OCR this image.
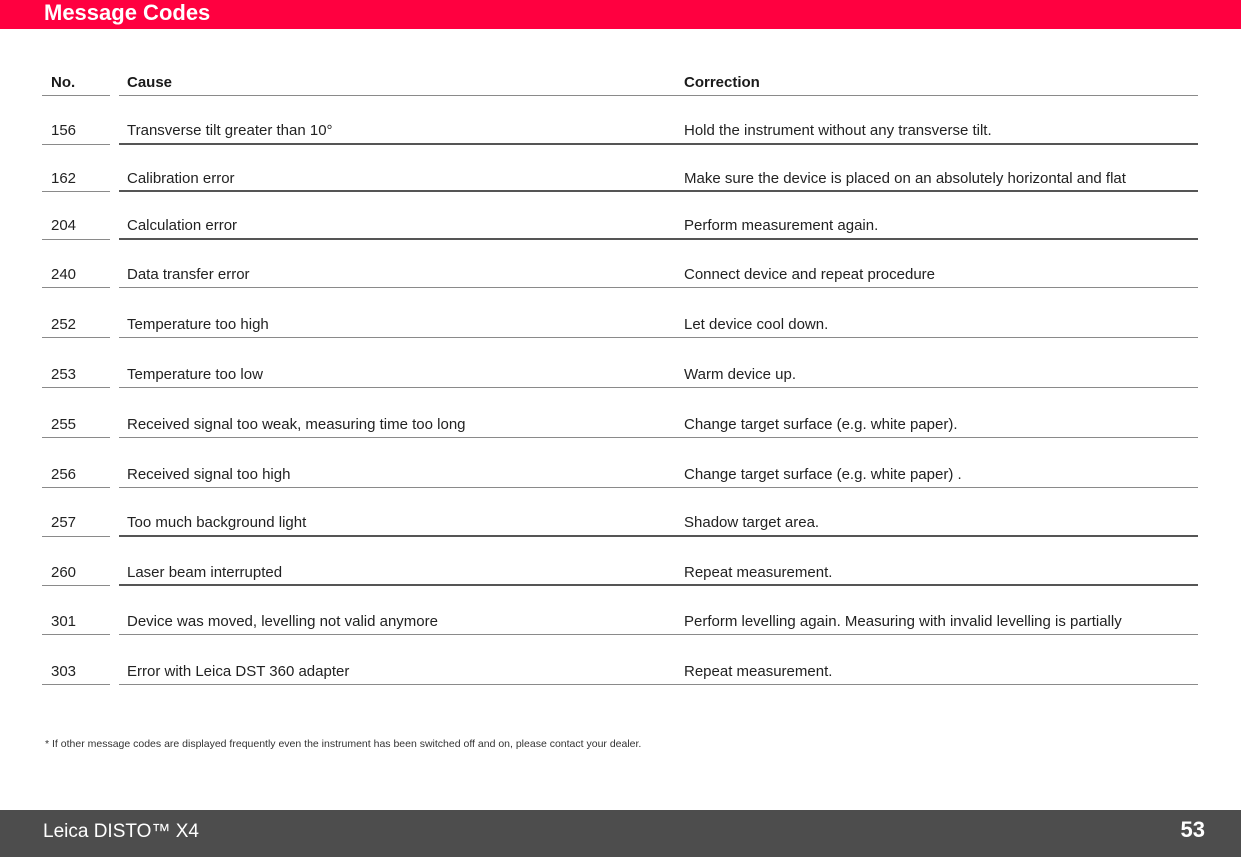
Message Codes
No.	Cause	Correction
156	Transverse tilt greater than 10°	Hold the instrument without any transverse tilt.
162	Calibration error	Make sure the device is placed on an absolutely horizontal and flat
204	Calculation error	Perform measurement again.
240	Data transfer error	Connect device and repeat procedure
252	Temperature too high	Let device cool down.
253	Temperature too low	Warm device up.
255	Received signal too weak, measuring time too long	Change target surface (e.g. white paper).
256	Received signal too high	Change target surface (e.g. white paper) .
257	Too much background light	Shadow target area.
260	Laser beam interrupted	Repeat measurement.
301	Device was moved, levelling not valid anymore	Perform levelling again. Measuring with invalid levelling is partially
303	Error with Leica DST 360 adapter	Repeat measurement.
* If other message codes are displayed frequently even the instrument has been switched off and on, please contact your dealer.
Leica DISTO™ X4	53
